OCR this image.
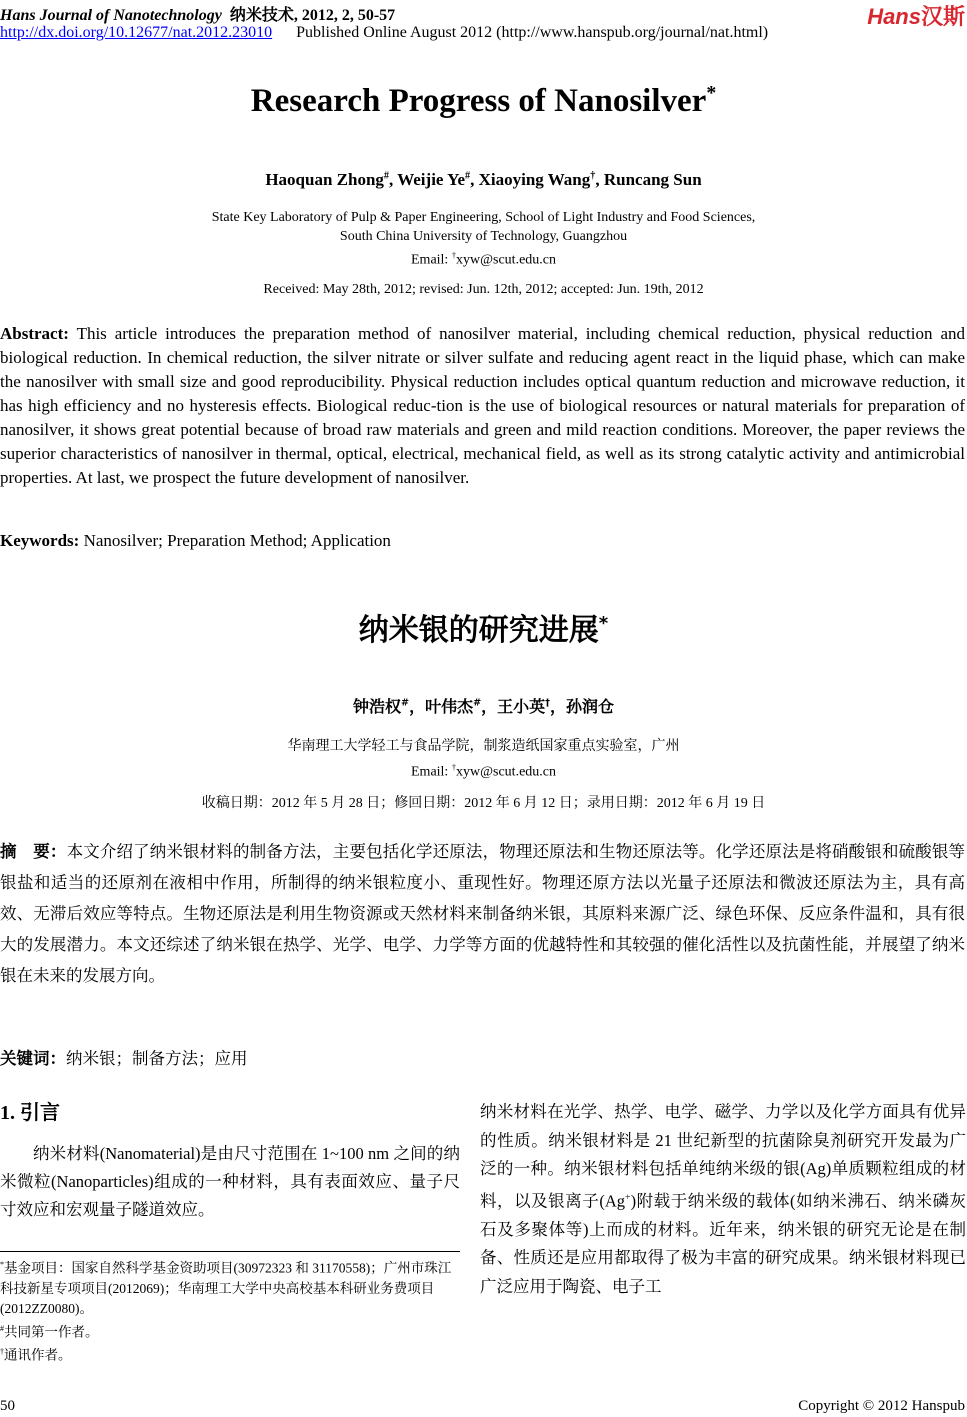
Hans Journal of Nanotechnology 纳米技术, 2012, 2, 50-57	Hans汉斯
http://dx.doi.org/10.12677/nat.2012.23010 Published Online August 2012 (http://www.hanspub.org/journal/nat.html)
Research Progress of Nanosilver*
Haoquan Zhong#, Weijie Ye#, Xiaoying Wang†, Runcang Sun
State Key Laboratory of Pulp & Paper Engineering, School of Light Industry and Food Sciences,
South China University of Technology, Guangzhou
Email: †xyw@scut.edu.cn
Received: May 28th, 2012; revised: Jun. 12th, 2012; accepted: Jun. 19th, 2012
Abstract: This article introduces the preparation method of nanosilver material, including chemical reduction, physical reduction and biological reduction. In chemical reduction, the silver nitrate or silver sulfate and reducing agent react in the liquid phase, which can make the nanosilver with small size and good reproducibility. Physical reduction includes optical quantum reduction and microwave reduction, it has high efficiency and no hysteresis effects. Biological reduc-tion is the use of biological resources or natural materials for preparation of nanosilver, it shows great potential because of broad raw materials and green and mild reaction conditions. Moreover, the paper reviews the superior characteristics of nanosilver in thermal, optical, electrical, mechanical field, as well as its strong catalytic activity and antimicrobial properties. At last, we prospect the future development of nanosilver.
Keywords: Nanosilver; Preparation Method; Application
纳米银的研究进展*
钟浩权#，叶伟杰#，王小英†，孙润仓
华南理工大学轻工与食品学院，制浆造纸国家重点实验室，广州
Email: †xyw@scut.edu.cn
收稿日期：2012 年 5 月 28 日；修回日期：2012 年 6 月 12 日；录用日期：2012 年 6 月 19 日
摘　要：本文介绍了纳米银材料的制备方法，主要包括化学还原法，物理还原法和生物还原法等。化学还原法是将硝酸银和硫酸银等银盐和适当的还原剂在液相中作用，所制得的纳米银粒度小、重现性好。物理还原方法以光量子还原法和微波还原法为主，具有高效、无滞后效应等特点。生物还原法是利用生物资源或天然材料来制备纳米银，其原料来源广泛、绿色环保、反应条件温和，具有很大的发展潜力。本文还综述了纳米银在热学、光学、电学、力学等方面的优越特性和其较强的催化活性以及抗菌性能，并展望了纳米银在未来的发展方向。
关键词：纳米银；制备方法；应用
1. 引言
纳米材料(Nanomaterial)是由尺寸范围在 1~100 nm 之间的纳米微粒(Nanoparticles)组成的一种材料，具有表面效应、量子尺寸效应和宏观量子隧道效应。
纳米材料在光学、热学、电学、磁学、力学以及化学方面具有优异的性质。纳米银材料是 21 世纪新型的抗菌除臭剂研究开发最为广泛的一种。纳米银材料包括单纯纳米级的银(Ag)单质颗粒组成的材料，以及银离子(Ag+)附载于纳米级的载体(如纳米沸石、纳米磷灰石及多聚体等)上而成的材料。近年来，纳米银的研究无论是在制备、性质还是应用都取得了极为丰富的研究成果。纳米银材料现已广泛应用于陶瓷、电子工
*基金项目：国家自然科学基金资助项目(30972323 和 31170558)；广州市珠江科技新星专项项目(2012069)；华南理工大学中央高校基本科研业务费项目(2012ZZ0080)。
#共同第一作者。
†通讯作者。
50	Copyright © 2012 Hanspub
